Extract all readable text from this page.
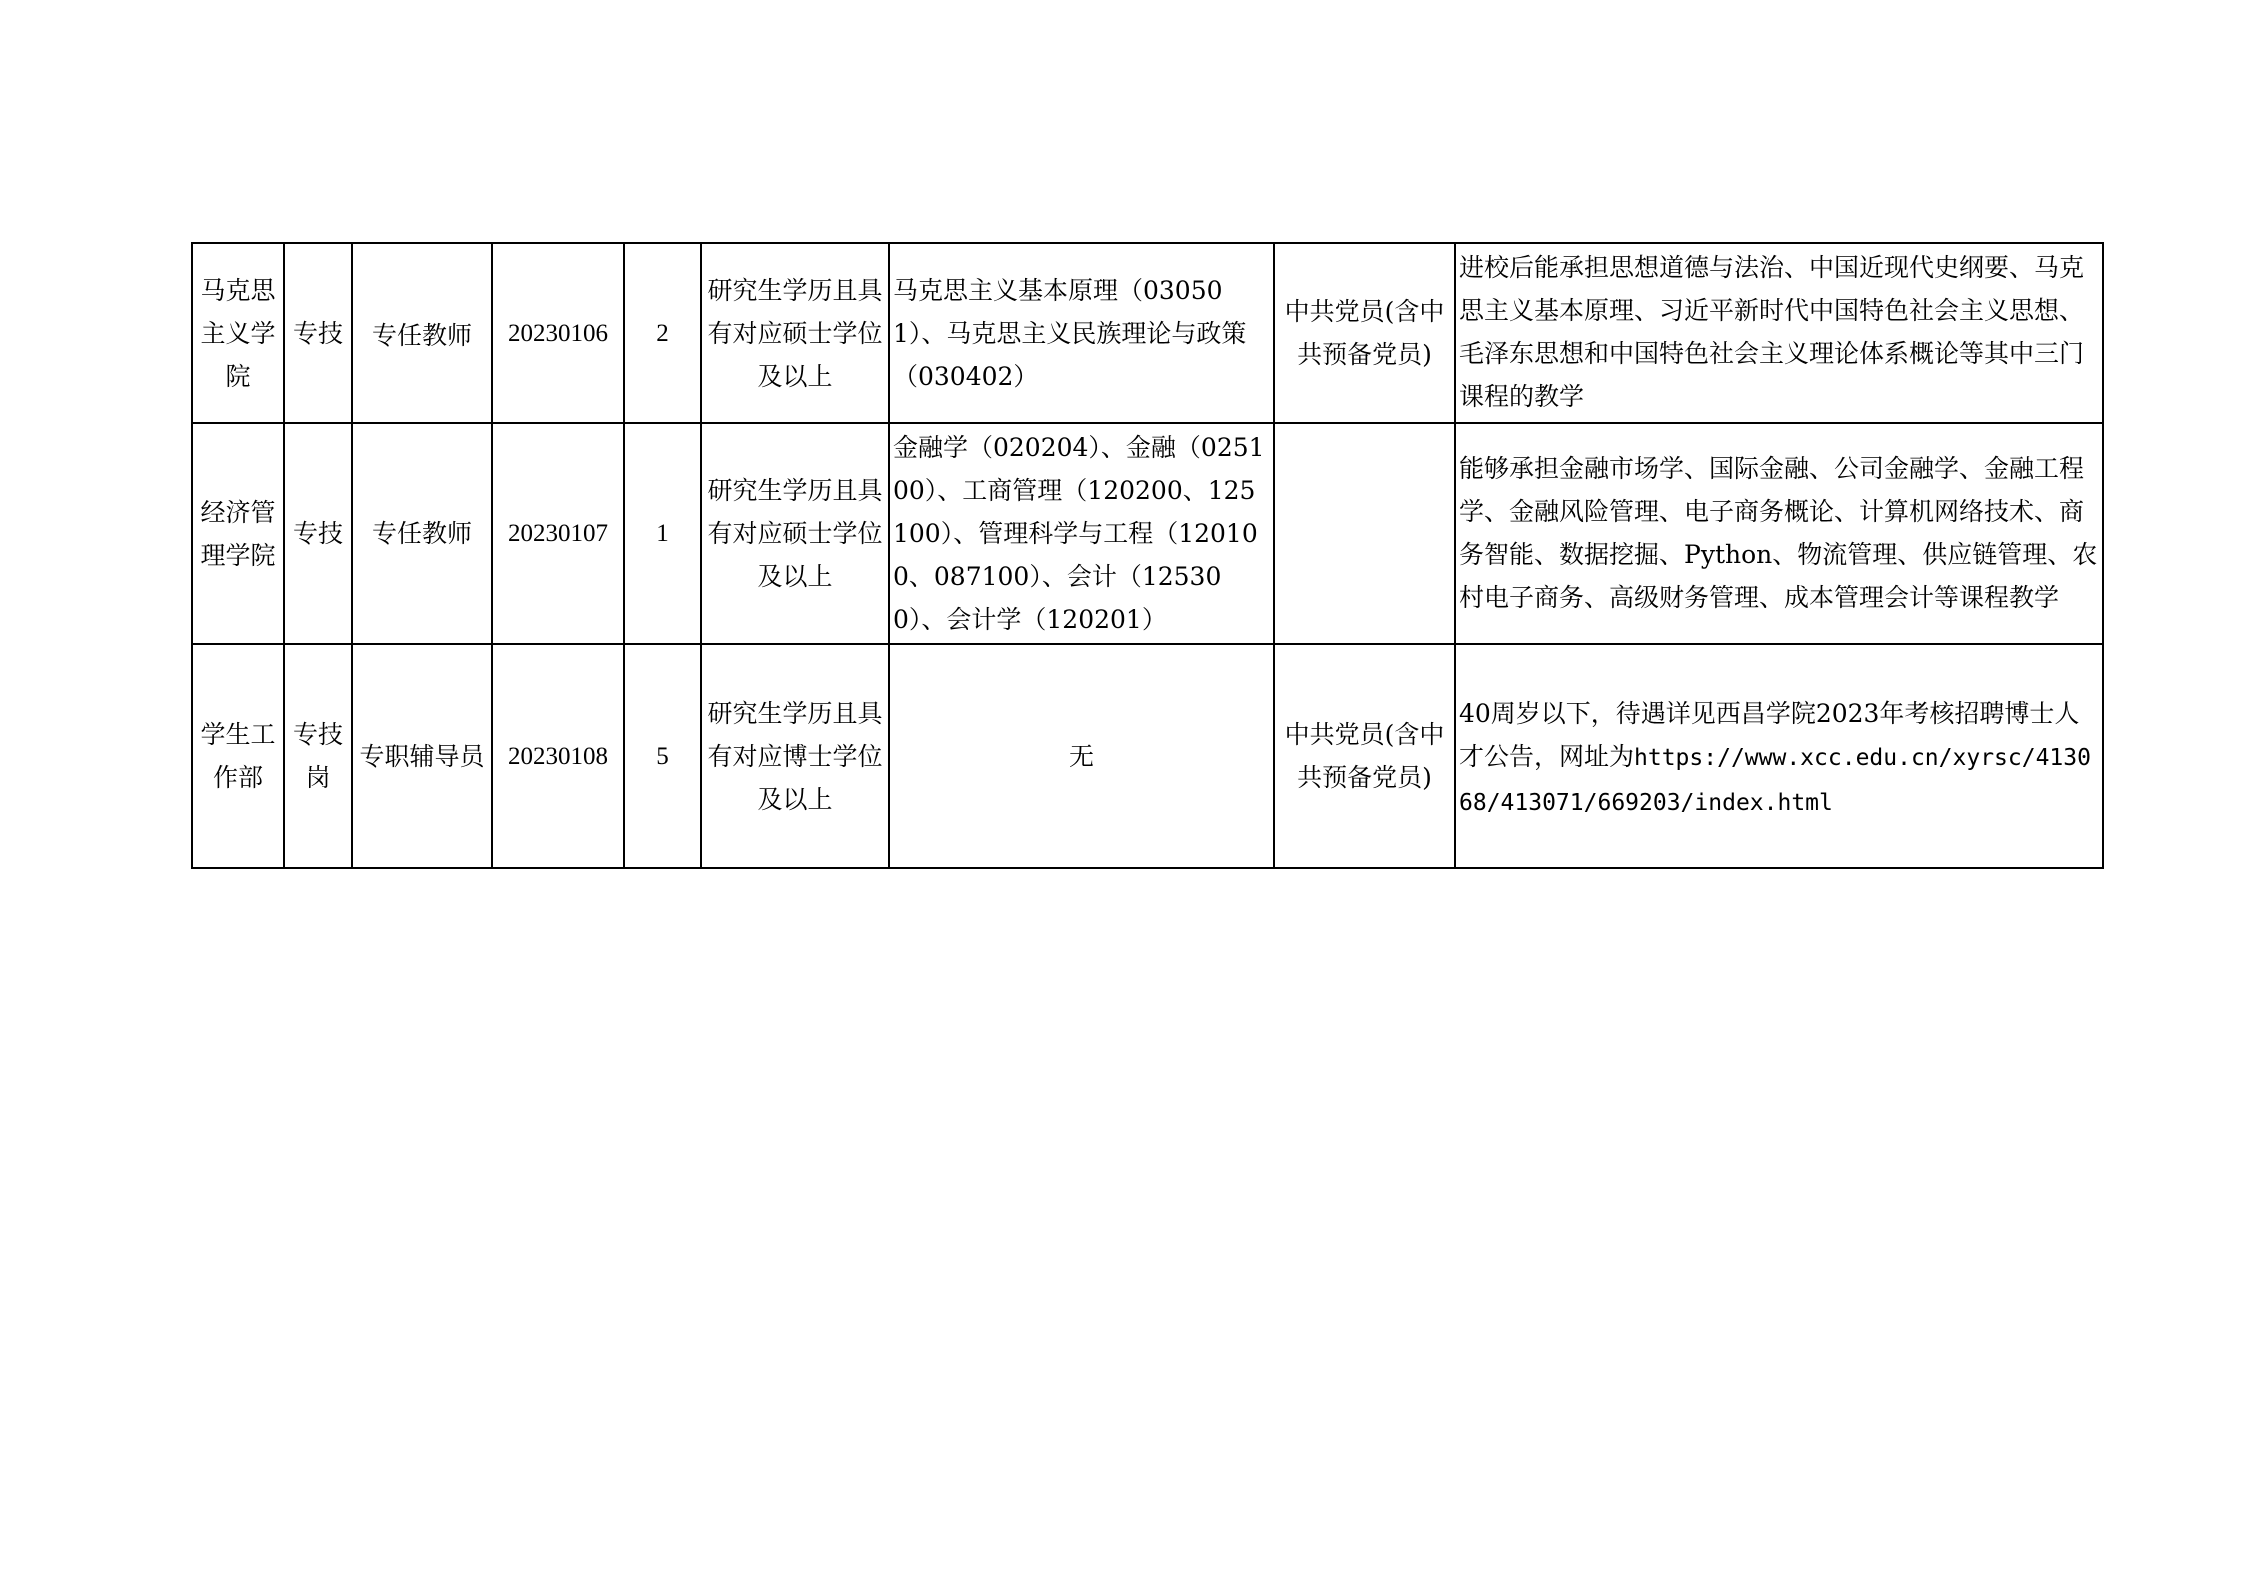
马克思主义学院	专技	专任教师	20230106	2	研究生学历且具有对应硕士学位及以上	马克思主义基本原理（030501）、马克思主义民族理论与政策（030402）	中共党员(含中共预备党员)	进校后能承担思想道德与法治、中国近现代史纲要、马克思主义基本原理、习近平新时代中国特色社会主义思想、毛泽东思想和中国特色社会主义理论体系概论等其中三门课程的教学
经济管理学院	专技	专任教师	20230107	1	研究生学历且具有对应硕士学位及以上	金融学（020204）、金融（025100）、工商管理（120200、125100）、管理科学与工程（120100、087100）、会计（125300）、会计学（120201）		能够承担金融市场学、国际金融、公司金融学、金融工程学、金融风险管理、电子商务概论、计算机网络技术、商务智能、数据挖掘、Python、物流管理、供应链管理、农村电子商务、高级财务管理、成本管理会计等课程教学
学生工作部	专技岗	专职辅导员	20230108	5	研究生学历且具有对应博士学位及以上	无	中共党员(含中共预备党员)	40周岁以下，待遇详见西昌学院2023年考核招聘博士人才公告，网址为https://www.xcc.edu.cn/xyrsc/413068/413071/669203/index.html
